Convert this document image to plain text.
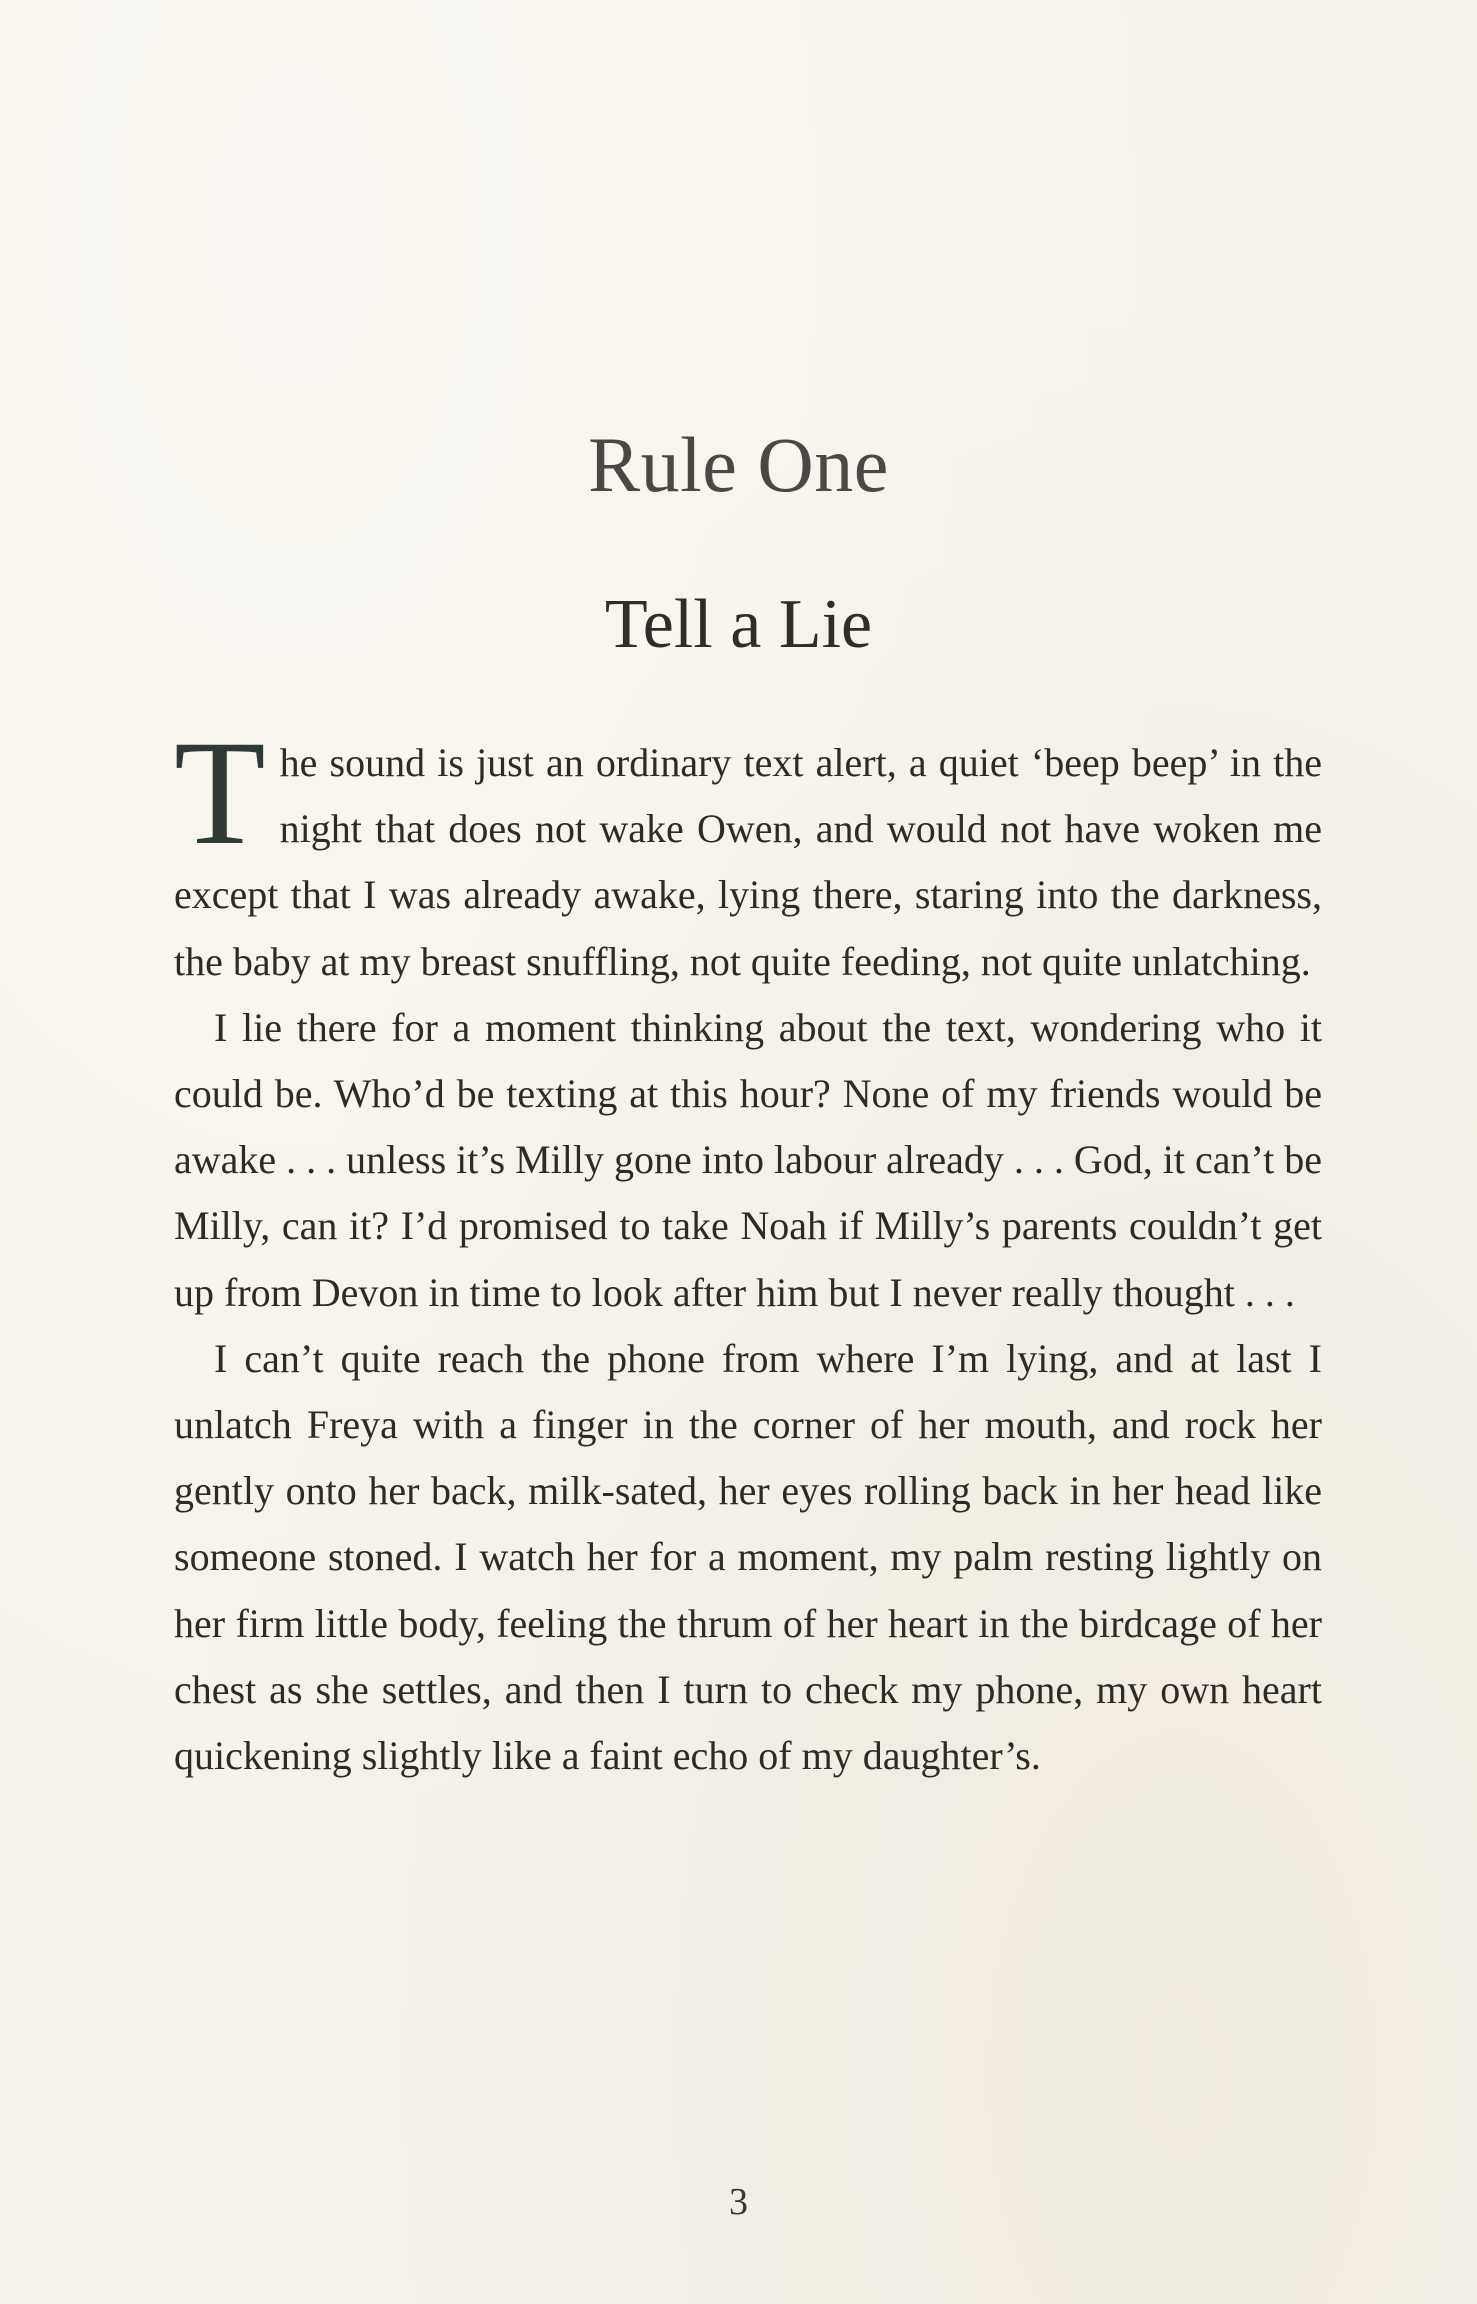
Rule One
Tell a Lie

The sound is just an ordinary text alert, a quiet ‘beep beep’ in the night that does not wake Owen, and would not have woken me except that I was already awake, lying there, staring into the darkness, the baby at my breast snuffling, not quite feeding, not quite unlatching.

I lie there for a moment thinking about the text, wondering who it could be. Who’d be texting at this hour? None of my friends would be awake . . . unless it’s Milly gone into labour already . . . God, it can’t be Milly, can it? I’d promised to take Noah if Milly’s parents couldn’t get up from Devon in time to look after him but I never really thought . . .

I can’t quite reach the phone from where I’m lying, and at last I unlatch Freya with a finger in the corner of her mouth, and rock her gently onto her back, milk-sated, her eyes rolling back in her head like someone stoned. I watch her for a moment, my palm resting lightly on her firm little body, feeling the thrum of her heart in the birdcage of her chest as she settles, and then I turn to check my phone, my own heart quickening slightly like a faint echo of my daughter’s.

3
